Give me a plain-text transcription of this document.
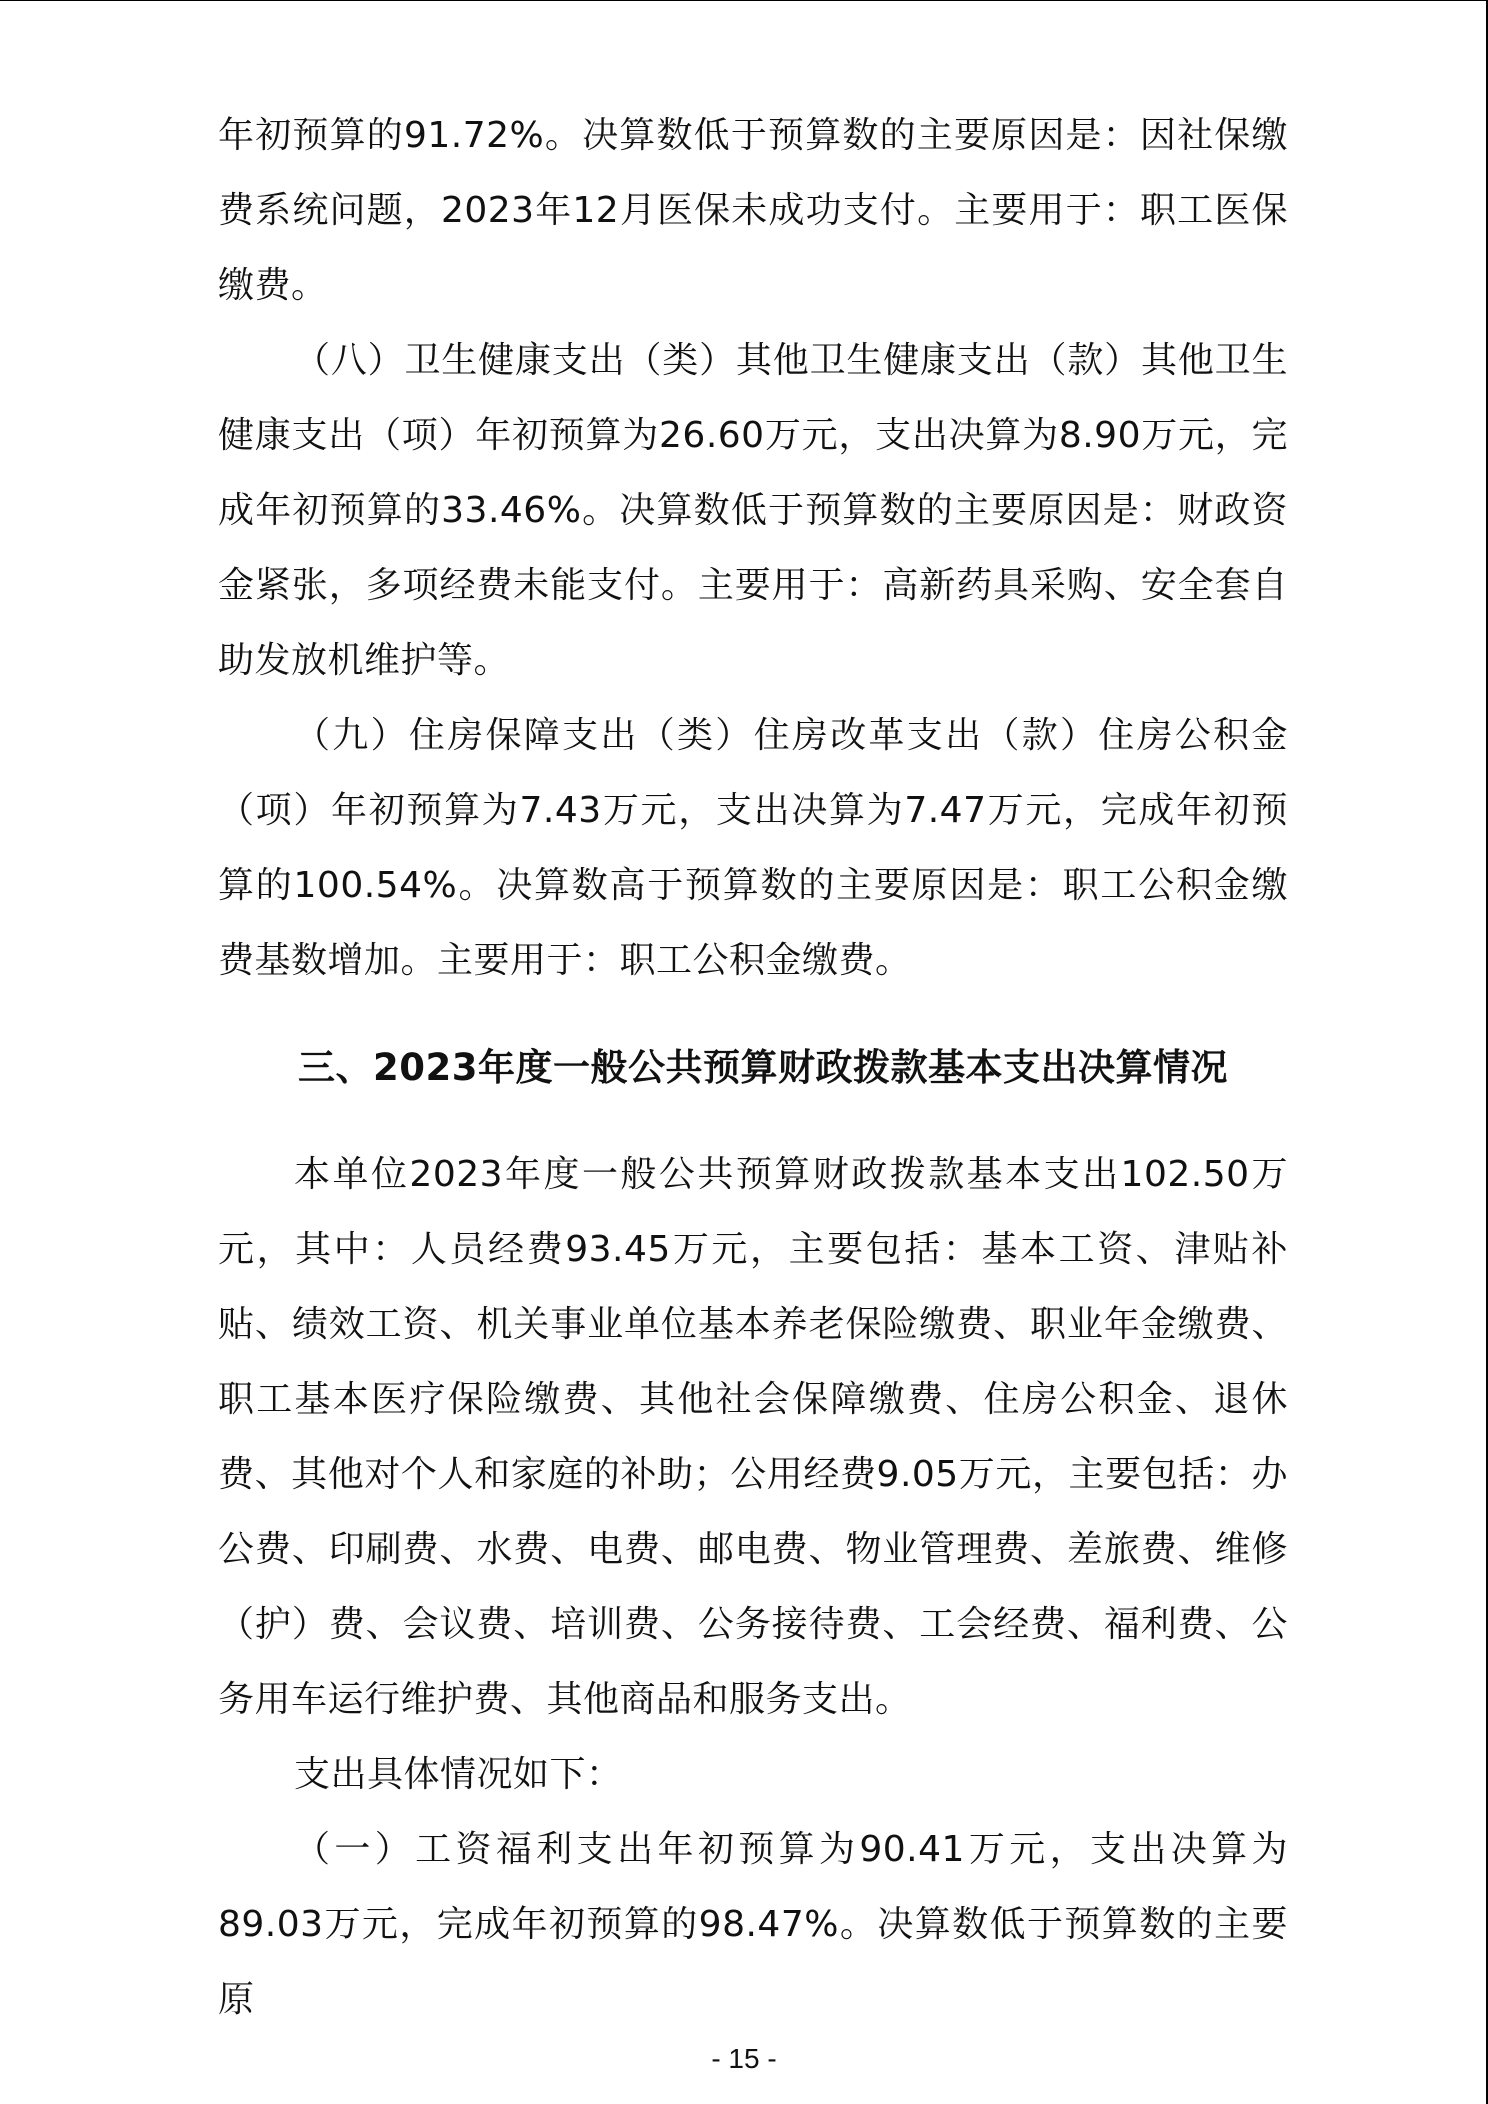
年初预算的91.72%。决算数低于预算数的主要原因是：因社保缴费系统问题，2023年12月医保未成功支付。主要用于：职工医保缴费。

（八）卫生健康支出（类）其他卫生健康支出（款）其他卫生健康支出（项）年初预算为26.60万元，支出决算为8.90万元，完成年初预算的33.46%。决算数低于预算数的主要原因是：财政资金紧张，多项经费未能支付。主要用于：高新药具采购、安全套自助发放机维护等。

（九）住房保障支出（类）住房改革支出（款）住房公积金（项）年初预算为7.43万元，支出决算为7.47万元，完成年初预算的100.54%。决算数高于预算数的主要原因是：职工公积金缴费基数增加。主要用于：职工公积金缴费。

三、2023年度一般公共预算财政拨款基本支出决算情况

本单位2023年度一般公共预算财政拨款基本支出102.50万元，其中：人员经费93.45万元，主要包括：基本工资、津贴补贴、绩效工资、机关事业单位基本养老保险缴费、职业年金缴费、职工基本医疗保险缴费、其他社会保障缴费、住房公积金、退休费、其他对个人和家庭的补助；公用经费9.05万元，主要包括：办公费、印刷费、水费、电费、邮电费、物业管理费、差旅费、维修（护）费、会议费、培训费、公务接待费、工会经费、福利费、公务用车运行维护费、其他商品和服务支出。

支出具体情况如下：

（一）工资福利支出年初预算为90.41万元，支出决算为89.03万元，完成年初预算的98.47%。决算数低于预算数的主要原

- 15 -
